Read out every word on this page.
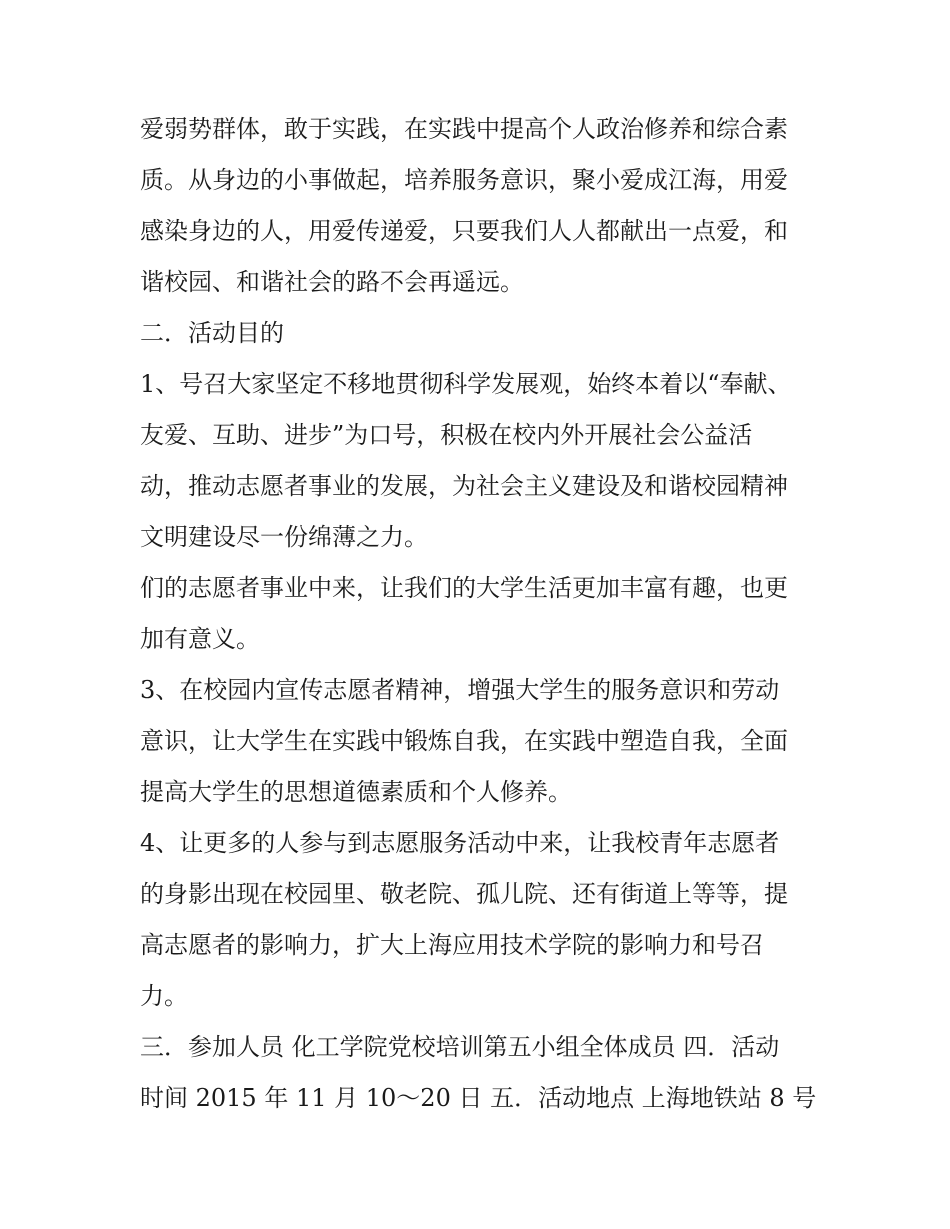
爱弱势群体，敢于实践，在实践中提高个人政治修养和综合素
质。从身边的小事做起，培养服务意识，聚小爱成江海，用爱
感染身边的人，用爱传递爱，只要我们人人都献出一点爱，和
谐校园、和谐社会的路不会再遥远。
二．活动目的
1、号召大家坚定不移地贯彻科学发展观，始终本着以“奉献、
友爱、互助、进步”为口号，积极在校内外开展社会公益活
动，推动志愿者事业的发展，为社会主义建设及和谐校园精神
文明建设尽一份绵薄之力。
们的志愿者事业中来，让我们的大学生活更加丰富有趣，也更
加有意义。
3、在校园内宣传志愿者精神，增强大学生的服务意识和劳动
意识，让大学生在实践中锻炼自我，在实践中塑造自我，全面
提高大学生的思想道德素质和个人修养。
4、让更多的人参与到志愿服务活动中来，让我校青年志愿者
的身影出现在校园里、敬老院、孤儿院、还有街道上等等，提
高志愿者的影响力，扩大上海应用技术学院的影响力和号召
力。
三．参加人员 化工学院党校培训第五小组全体成员 四．活动
时间 2015 年 11 月 10～20 日 五．活动地点 上海地铁站 8 号
